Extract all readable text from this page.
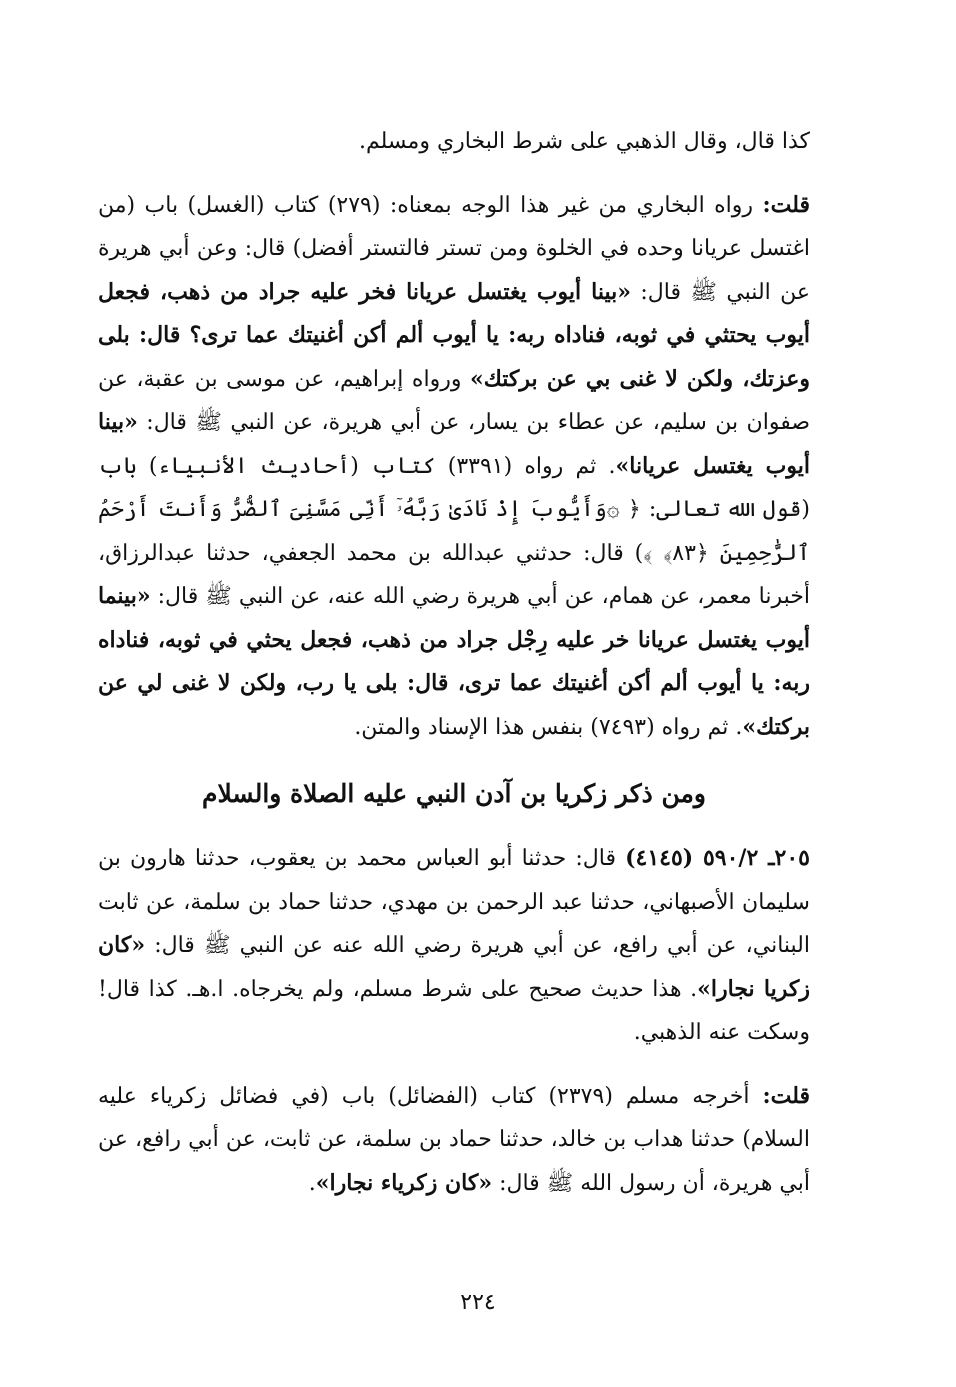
كذا قال، وقال الذهبي على شرط البخاري ومسلم.

قلت: رواه البخاري من غير هذا الوجه بمعناه: (٢٧٩) كتاب (الغسل) باب (من اغتسل عريانا وحده في الخلوة ومن تستر فالتستر أفضل) قال: وعن أبي هريرة عن النبي ﷺ قال: «بينا أيوب يغتسل عريانا فخر عليه جراد من ذهب، فجعل أيوب يحتثي في ثوبه، فناداه ربه: يا أيوب ألم أكن أغنيتك عما ترى؟ قال: بلى وعزتك، ولكن لا غنى بي عن بركتك» ورواه إبراهيم، عن موسى بن عقبة، عن صفوان بن سليم، عن عطاء بن يسار، عن أبي هريرة، عن النبي ﷺ قال: «بينا أيوب يغتسل عريانا». ثم رواه (٣٣٩١) كتاب (أحاديث الأنبياء) باب (قول الله تعالى: ﴿ ۞وَأَيُّوبَ إِذْ نَادَىٰ رَبَّهُۥٓ أَنِّى مَسَّنِىَ ٱلضُّرُّ وَأَنتَ أَرْحَمُ ٱلرَّٰحِمِينَ ﴿٨٣﴾ ﴾) قال: حدثني عبدالله بن محمد الجعفي، حدثنا عبدالرزاق، أخبرنا معمر، عن همام، عن أبي هريرة رضي الله عنه، عن النبي ﷺ قال: «بينما أيوب يغتسل عريانا خر عليه رِجْل جراد من ذهب، فجعل يحثي في ثوبه، فناداه ربه: يا أيوب ألم أكن أغنيتك عما ترى، قال: بلى يا رب، ولكن لا غنى لي عن بركتك». ثم رواه (٧٤٩٣) بنفس هذا الإسناد والمتن.

ومن ذكر زكريا بن آدن النبي عليه الصلاة والسلام

٢٠٥ـ ٥٩٠/٢ (٤١٤٥) قال: حدثنا أبو العباس محمد بن يعقوب، حدثنا هارون بن سليمان الأصبهاني، حدثنا عبد الرحمن بن مهدي، حدثنا حماد بن سلمة، عن ثابت البناني، عن أبي رافع، عن أبي هريرة رضي الله عنه عن النبي ﷺ قال: «كان زكريا نجارا». هذا حديث صحيح على شرط مسلم، ولم يخرجاه. ا.هـ. كذا قال! وسكت عنه الذهبي.

قلت: أخرجه مسلم (٢٣٧٩) كتاب (الفضائل) باب (في فضائل زكرياء عليه السلام) حدثنا هداب بن خالد، حدثنا حماد بن سلمة، عن ثابت، عن أبي رافع، عن أبي هريرة، أن رسول الله ﷺ قال: «كان زكرياء نجارا».

٢٢٤
